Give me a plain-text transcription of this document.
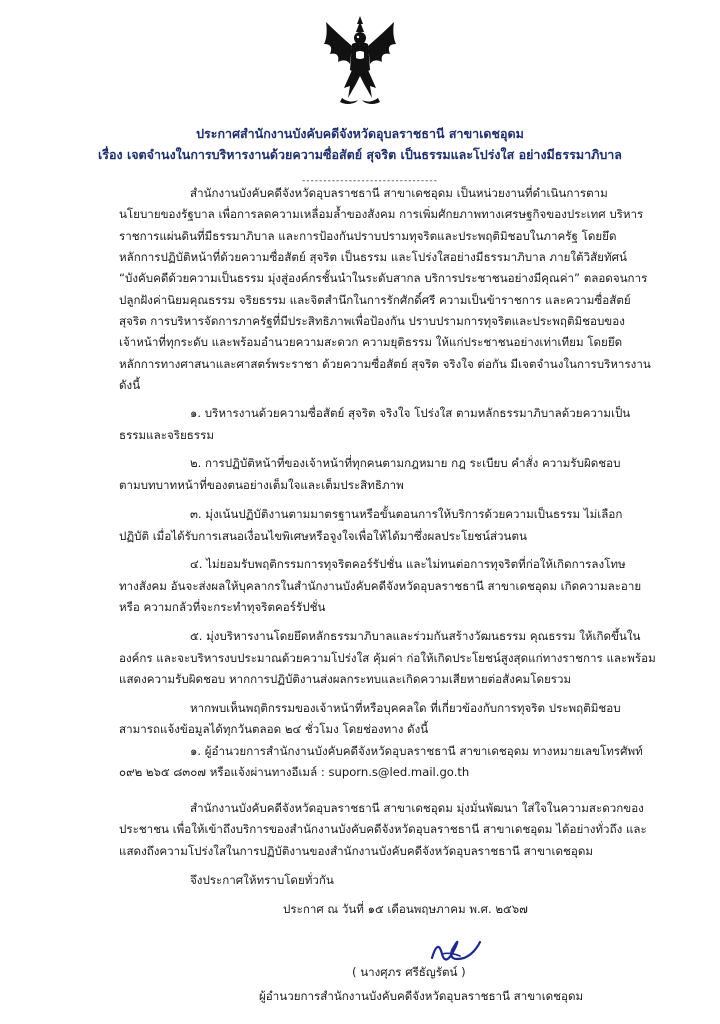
ประกาศสำนักงานบังคับคดีจังหวัดอุบลราชธานี สาขาเดชอุดม
เรื่อง เจตจำนงในการบริหารงานด้วยความซื่อสัตย์ สุจริต เป็นธรรมและโปร่งใส อย่างมีธรรมาภิบาล
--------------------------------
สำนักงานบังคับคดีจังหวัดอุบลราชธานี สาขาเดชอุดม เป็นหน่วยงานที่ดำเนินการตาม
นโยบายของรัฐบาล เพื่อการลดความเหลื่อมล้ำของสังคม การเพิ่มศักยภาพทางเศรษฐกิจของประเทศ บริหาร
ราชการแผ่นดินที่มีธรรมาภิบาล และการป้องกันปราบปรามทุจริตและประพฤติมิชอบในภาครัฐ โดยยึด
หลักการปฏิบัติหน้าที่ด้วยความซื่อสัตย์ สุจริต เป็นธรรม และโปร่งใสอย่างมีธรรมาภิบาล ภายใต้วิสัยทัศน์
“บังคับคดีด้วยความเป็นธรรม มุ่งสู่องค์กรชั้นนำในระดับสากล บริการประชาชนอย่างมีคุณค่า” ตลอดจนการ
ปลูกฝังค่านิยมคุณธรรม จริยธรรม และจิตสำนึกในการรักศักดิ์ศรี ความเป็นข้าราชการ และความซื่อสัตย์
สุจริต การบริหารจัดการภาครัฐที่มีประสิทธิภาพเพื่อป้องกัน ปราบปรามการทุจริตและประพฤติมิชอบของ
เจ้าหน้าที่ทุกระดับ และพร้อมอำนวยความสะดวก ความยุติธรรม ให้แก่ประชาชนอย่างเท่าเทียม โดยยึด
หลักการทางศาสนาและศาสตร์พระราชา ด้วยความซื่อสัตย์ สุจริต จริงใจ ต่อกัน มีเจตจำนงในการบริหารงาน
ดังนี้
๑. บริหารงานด้วยความซื่อสัตย์ สุจริต จริงใจ โปร่งใส ตามหลักธรรมาภิบาลด้วยความเป็น
ธรรมและจริยธรรม
๒. การปฏิบัติหน้าที่ของเจ้าหน้าที่ทุกคนตามกฎหมาย กฎ ระเบียบ คำสั่ง ความรับผิดชอบ
ตามบทบาทหน้าที่ของตนอย่างเต็มใจและเต็มประสิทธิภาพ
๓. มุ่งเน้นปฏิบัติงานตามมาตรฐานหรือขั้นตอนการให้บริการด้วยความเป็นธรรม ไม่เลือก
ปฏิบัติ เมื่อได้รับการเสนอเงื่อนไขพิเศษหรือจูงใจเพื่อให้ได้มาซึ่งผลประโยชน์ส่วนตน
๔. ไม่ยอมรับพฤติกรรมการทุจริตคอร์รัปชั่น และไม่ทนต่อการทุจริตที่ก่อให้เกิดการลงโทษ
ทางสังคม อันจะส่งผลให้บุคลากรในสำนักงานบังคับคดีจังหวัดอุบลราชธานี สาขาเดชอุดม เกิดความละอาย
หรือ ความกลัวที่จะกระทำทุจริตคอร์รัปชั่น
๕. มุ่งบริหารงานโดยยึดหลักธรรมาภิบาลและร่วมกันสร้างวัฒนธรรม คุณธรรม ให้เกิดขึ้นใน
องค์กร และจะบริหารงบประมาณด้วยความโปร่งใส คุ้มค่า ก่อให้เกิดประโยชน์สูงสุดแก่ทางราชการ และพร้อม
แสดงความรับผิดชอบ หากการปฏิบัติงานส่งผลกระทบและเกิดความเสียหายต่อสังคมโดยรวม
หากพบเห็นพฤติกรรมของเจ้าหน้าที่หรือบุคคลใด ที่เกี่ยวข้องกับการทุจริต ประพฤติมิชอบ
สามารถแจ้งข้อมูลได้ทุกวันตลอด ๒๔ ชั่วโมง โดยช่องทาง ดังนี้
๑. ผู้อำนวยการสำนักงานบังคับคดีจังหวัดอุบลราชธานี สาขาเดชอุดม ทางหมายเลขโทรศัพท์
๐๙๒ ๒๖๕ ๘๓๐๗ หรือแจ้งผ่านทางอีเมล์ : suporn.s@led.mail.go.th
สำนักงานบังคับคดีจังหวัดอุบลราชธานี สาขาเดชอุดม มุ่งมั่นพัฒนา ใส่ใจในความสะดวกของ
ประชาชน เพื่อให้เข้าถึงบริการของสำนักงานบังคับคดีจังหวัดอุบลราชธานี สาขาเดชอุดม ได้อย่างทั่วถึง และ
แสดงถึงความโปร่งใสในการปฏิบัติงานของสำนักงานบังคับคดีจังหวัดอุบลราชธานี สาขาเดชอุดม
จึงประกาศให้ทราบโดยทั่วกัน
ประกาศ ณ วันที่ ๑๕ เดือนพฤษภาคม พ.ศ. ๒๕๖๗
( นางศุภร ศรีธัญรัตน์ )
ผู้อำนวยการสำนักงานบังคับคดีจังหวัดอุบลราชธานี สาขาเดชอุดม
